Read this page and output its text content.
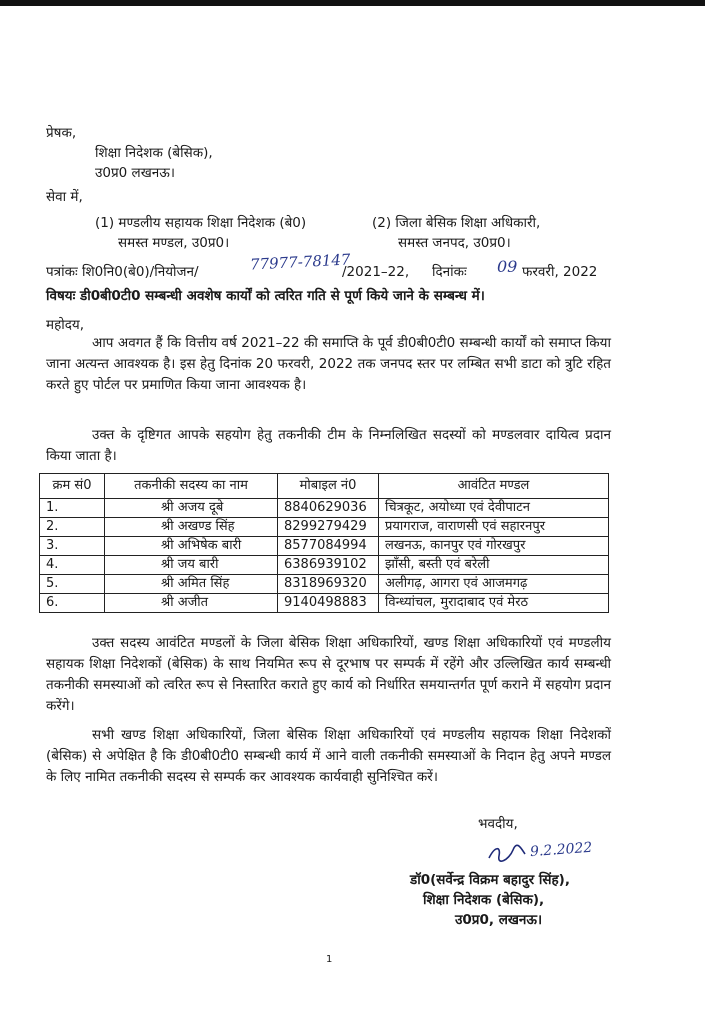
प्रेषक,
शिक्षा निदेशक (बेसिक),
उ0प्र0 लखनऊ।
सेवा में,
(1) मण्डलीय सहायक शिक्षा निदेशक (बे0)
समस्त मण्डल, उ0प्र0।
(2) जिला बेसिक शिक्षा अधिकारी,
समस्त जनपद, उ0प्र0।
पत्रांकः शि0नि0(बे0)/नियोजन/	77977-78147
/2021–22, दिनांकः 09 फरवरी, 2022
विषयः डी0बी0टी0 सम्बन्धी अवशेष कार्यों को त्वरित गति से पूर्ण किये जाने के सम्बन्ध में।
महोदय,
आप अवगत हैं कि वित्तीय वर्ष 2021–22 की समाप्ति के पूर्व डी0बी0टी0 सम्बन्धी कार्यों को समाप्त किया जाना अत्यन्त आवश्यक है। इस हेतु दिनांक 20 फरवरी, 2022 तक जनपद स्तर पर लम्बित सभी डाटा को त्रुटि रहित करते हुए पोर्टल पर प्रमाणित किया जाना आवश्यक है।
उक्त के दृष्टिगत आपके सहयोग हेतु तकनीकी टीम के निम्नलिखित सदस्यों को मण्डलवार दायित्व प्रदान किया जाता है।
क्रम सं0	तकनीकी सदस्य का नाम	मोबाइल नं0	आवंटित मण्डल
1.	श्री अजय दूबे	8840629036	चित्रकूट, अयोध्या एवं देवीपाटन
2.	श्री अखण्ड सिंह	8299279429	प्रयागराज, वाराणसी एवं सहारनपुर
3.	श्री अभिषेक बारी	8577084994	लखनऊ, कानपुर एवं गोरखपुर
4.	श्री जय बारी	6386939102	झाँसी, बस्ती एवं बरेली
5.	श्री अमित सिंह	8318969320	अलीगढ़, आगरा एवं आजमगढ़
6.	श्री अजीत	9140498883	विन्ध्यांचल, मुरादाबाद एवं मेरठ
उक्त सदस्य आवंटित मण्डलों के जिला बेसिक शिक्षा अधिकारियों, खण्ड शिक्षा अधिकारियों एवं मण्डलीय सहायक शिक्षा निदेशकों (बेसिक) के साथ नियमित रूप से दूरभाष पर सम्पर्क में रहेंगे और उल्लिखित कार्य सम्बन्धी तकनीकी समस्याओं को त्वरित रूप से निस्तारित कराते हुए कार्य को निर्धारित समयान्तर्गत पूर्ण कराने में सहयोग प्रदान करेंगे।
सभी खण्ड शिक्षा अधिकारियों, जिला बेसिक शिक्षा अधिकारियों एवं मण्डलीय सहायक शिक्षा निदेशकों (बेसिक) से अपेक्षित है कि डी0बी0टी0 सम्बन्धी कार्य में आने वाली तकनीकी समस्याओं के निदान हेतु अपने मण्डल के लिए नामित तकनीकी सदस्य से सम्पर्क कर आवश्यक कार्यवाही सुनिश्चित करें।
भवदीय,
9.2.2022
डॉ0(सर्वेन्द्र विक्रम बहादुर सिंह),
शिक्षा निदेशक (बेसिक),
उ0प्र0, लखनऊ।
1
